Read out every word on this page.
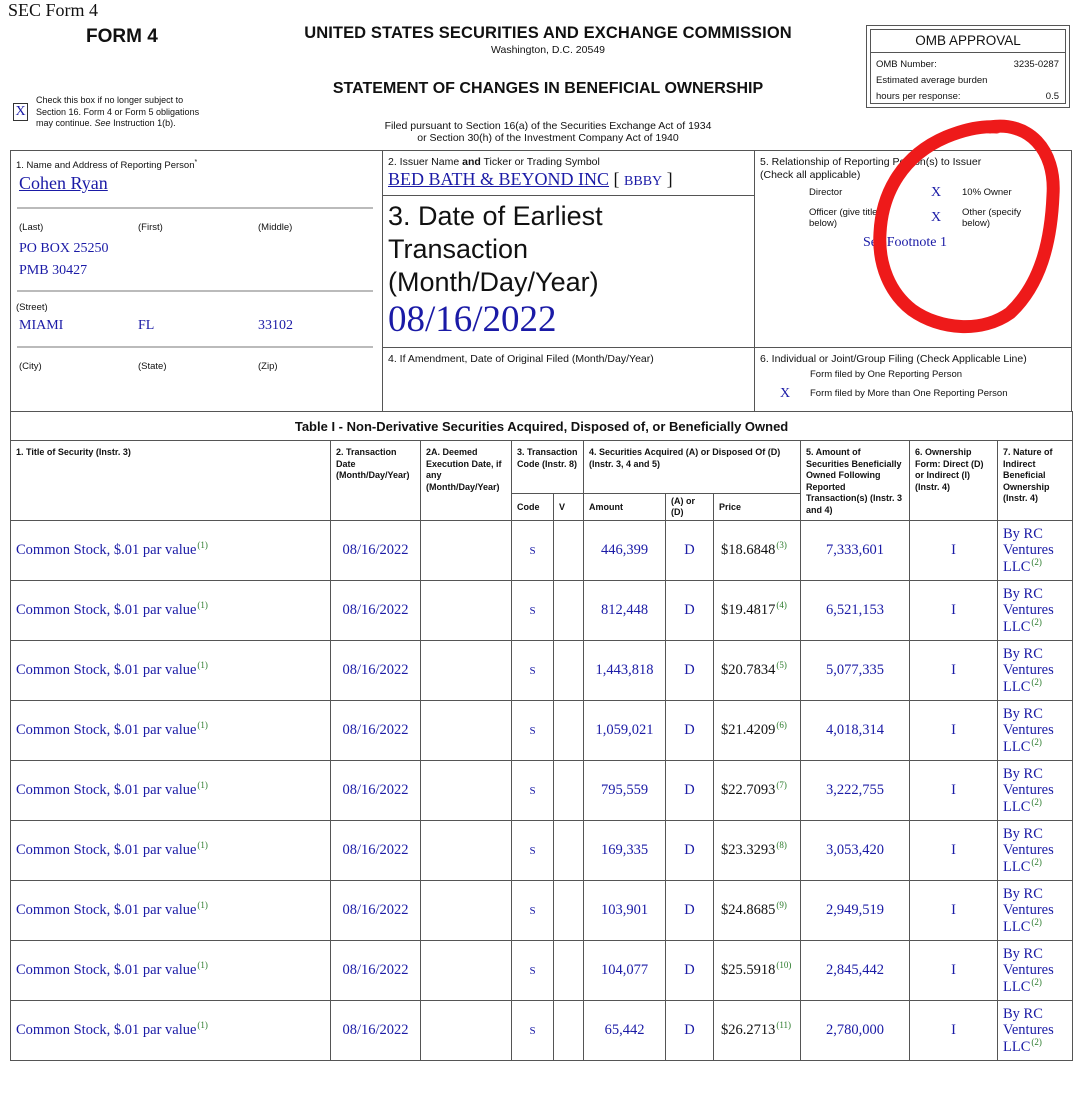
SEC Form 4
FORM 4	UNITED STATES SECURITIES AND EXCHANGE COMMISSION
Washington, D.C. 20549
STATEMENT OF CHANGES IN BENEFICIAL OWNERSHIP
Filed pursuant to Section 16(a) of the Securities Exchange Act of 1934
or Section 30(h) of the Investment Company Act of 1940
X
Check this box if no longer subject to
Section 16. Form 4 or Form 5 obligations
may continue. See Instruction 1(b).
OMB APPROVAL
OMB Number:	3235-0287
Estimated average burden
hours per response:	0.5
1. Name and Address of Reporting Person*
Cohen Ryan
(Last)	(First)	(Middle)
PO BOX 25250
PMB 30427
(Street)
MIAMI	FL	33102
(City)	(State)	(Zip)
2. Issuer Name and Ticker or Trading Symbol
BED BATH & BEYOND INC [ BBBY ]
3. Date of Earliest
Transaction
(Month/Day/Year)
08/16/2022
4. If Amendment, Date of Original Filed (Month/Day/Year)
5. Relationship of Reporting Person(s) to Issuer
(Check all applicable)
Director	X 10% Owner
Officer (give title
below)	X Other (specify
below)
See Footnote 1
6. Individual or Joint/Group Filing (Check Applicable Line)
Form filed by One Reporting Person
X Form filed by More than One Reporting Person
Table I - Non-Derivative Securities Acquired, Disposed of, or Beneficially Owned										
1. Title of Security (Instr. 3)	2. Transaction Date (Month/Day/Year)	2A. Deemed Execution Date, if any (Month/Day/Year)	3. Transaction Code (Instr. 8)		4. Securities Acquired (A) or Disposed Of (D) (Instr. 3, 4 and 5)			5. Amount of Securities Beneficially Owned Following Reported Transaction(s) (Instr. 3 and 4)	6. Ownership Form: Direct (D) or Indirect (I) (Instr. 4)	7. Nature of Indirect Beneficial Ownership (Instr. 4)
			Code	V	Amount	(A) or (D)	Price			
Common Stock, $.01 par value$^{(1)}$	08/16/2022		S		446,399	D	$18.6848$^{(3)}$	7,333,601	I	By RC
Ventures
LLC$^{(2)}$

Common Stock, $.01 par value$^{(1)}$	08/16/2022		S		812,448	D	$19.4817$^{(4)}$	6,521,153	I	By RC
Ventures
LLC$^{(2)}$

Common Stock, $.01 par value$^{(1)}$	08/16/2022		S		1,443,818	D	$20.7834$^{(5)}$	5,077,335	I	By RC
Ventures
LLC$^{(2)}$

Common Stock, $.01 par value$^{(1)}$	08/16/2022		S		1,059,021	D	$21.4209$^{(6)}$	4,018,314	I	By RC
Ventures
LLC$^{(2)}$

Common Stock, $.01 par value$^{(1)}$	08/16/2022		S		795,559	D	$22.7093$^{(7)}$	3,222,755	I	By RC
Ventures
LLC$^{(2)}$

Common Stock, $.01 par value$^{(1)}$	08/16/2022		S		169,335	D	$23.3293$^{(8)}$	3,053,420	I	By RC
Ventures
LLC$^{(2)}$

Common Stock, $.01 par value$^{(1)}$	08/16/2022		S		103,901	D	$24.8685$^{(9)}$	2,949,519	I	By RC
Ventures
LLC$^{(2)}$

Common Stock, $.01 par value$^{(1)}$	08/16/2022		S		104,077	D	$25.5918$^{(10)}$	2,845,442	I	By RC
Ventures
LLC$^{(2)}$

Common Stock, $.01 par value$^{(1)}$	08/16/2022		S		65,442	D	$26.2713$^{(11)}$	2,780,000	I	By RC
Ventures
LLC$^{(2)}$
